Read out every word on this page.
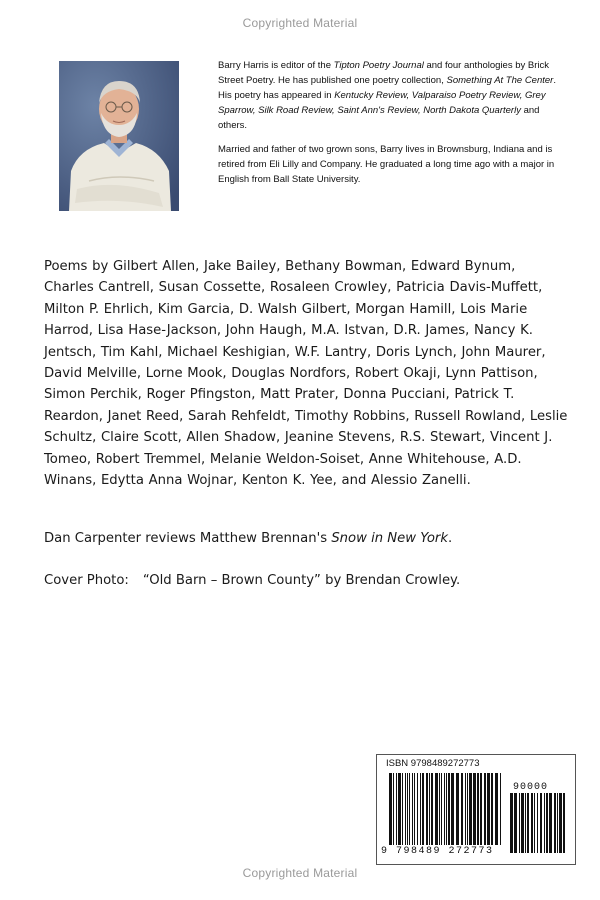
Copyrighted Material

Barry Harris is editor of the Tipton Poetry Journal and four anthologies by Brick Street Poetry. He has published one poetry collection, Something At The Center. His poetry has appeared in Kentucky Review, Valparaiso Poetry Review, Grey Sparrow, Silk Road Review, Saint Ann's Review, North Dakota Quarterly and others.

Married and father of two grown sons, Barry lives in Brownsburg, Indiana and is retired from Eli Lilly and Company. He graduated a long time ago with a major in English from Ball State University.

Poems by Gilbert Allen, Jake Bailey, Bethany Bowman, Edward Bynum, Charles Cantrell, Susan Cossette, Rosaleen Crowley, Patricia Davis-Muffett, Milton P. Ehrlich, Kim Garcia, D. Walsh Gilbert, Morgan Hamill, Lois Marie Harrod, Lisa Hase-Jackson, John Haugh, M.A. Istvan, D.R. James, Nancy K. Jentsch, Tim Kahl, Michael Keshigian, W.F. Lantry, Doris Lynch, John Maurer, David Melville, Lorne Mook, Douglas Nordfors, Robert Okaji, Lynn Pattison, Simon Perchik, Roger Pfingston, Matt Prater, Donna Pucciani, Patrick T. Reardon, Janet Reed, Sarah Rehfeldt, Timothy Robbins, Russell Rowland, Leslie Schultz, Claire Scott, Allen Shadow, Jeanine Stevens, R.S. Stewart, Vincent J. Tomeo, Robert Tremmel, Melanie Weldon-Soiset, Anne Whitehouse, A.D. Winans, Edytta Anna Wojnar, Kenton K. Yee, and Alessio Zanelli.

Dan Carpenter reviews Matthew Brennan's Snow in New York.
Cover Photo: “Old Barn – Brown County” by Brendan Crowley.
ISBN 9798489272773
90000
9 798489 272773
Copyrighted Material
